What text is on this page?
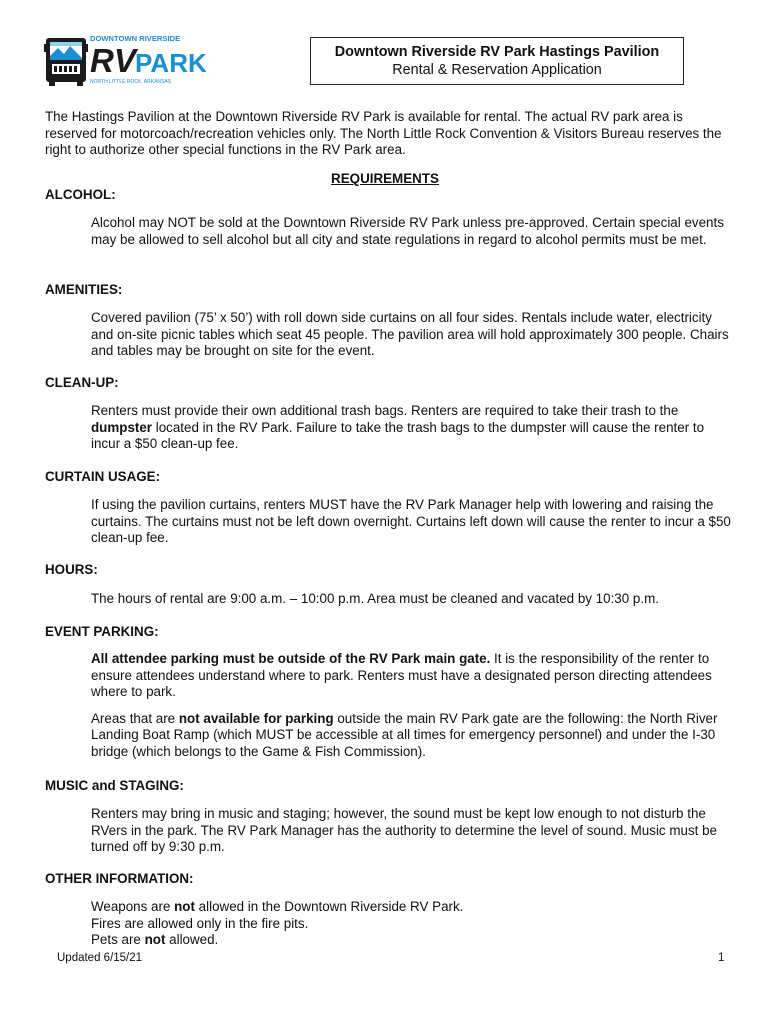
DOWNTOWN RIVERSIDE
RV PARK
NORTH LITTLE ROCK, ARKANSAS
Downtown Riverside RV Park Hastings Pavilion
Rental & Reservation Application
The Hastings Pavilion at the Downtown Riverside RV Park is available for rental. The actual RV park area is reserved for motorcoach/recreation vehicles only. The North Little Rock Convention & Visitors Bureau reserves the right to authorize other special functions in the RV Park area.
REQUIREMENTS
ALCOHOL:

Alcohol may NOT be sold at the Downtown Riverside RV Park unless pre-approved. Certain special events may be allowed to sell alcohol but all city and state regulations in regard to alcohol permits must be met.

AMENITIES:

Covered pavilion (75’ x 50’) with roll down side curtains on all four sides. Rentals include water, electricity and on-site picnic tables which seat 45 people. The pavilion area will hold approximately 300 people. Chairs and tables may be brought on site for the event.

CLEAN-UP:

Renters must provide their own additional trash bags. Renters are required to take their trash to the dumpster located in the RV Park. Failure to take the trash bags to the dumpster will cause the renter to incur a $50 clean-up fee.

CURTAIN USAGE:

If using the pavilion curtains, renters MUST have the RV Park Manager help with lowering and raising the curtains. The curtains must not be left down overnight. Curtains left down will cause the renter to incur a $50 clean-up fee.

HOURS:

The hours of rental are 9:00 a.m. – 10:00 p.m. Area must be cleaned and vacated by 10:30 p.m.

EVENT PARKING:

All attendee parking must be outside of the RV Park main gate. It is the responsibility of the renter to ensure attendees understand where to park. Renters must have a designated person directing attendees where to park.

Areas that are not available for parking outside the main RV Park gate are the following: the North River Landing Boat Ramp (which MUST be accessible at all times for emergency personnel) and under the I-30 bridge (which belongs to the Game & Fish Commission).

MUSIC and STAGING:

Renters may bring in music and staging; however, the sound must be kept low enough to not disturb the RVers in the park. The RV Park Manager has the authority to determine the level of sound. Music must be turned off by 9:30 p.m.

OTHER INFORMATION:
Weapons are not allowed in the Downtown Riverside RV Park.
Fires are allowed only in the fire pits.
Pets are not allowed.
Updated 6/15/21	1
